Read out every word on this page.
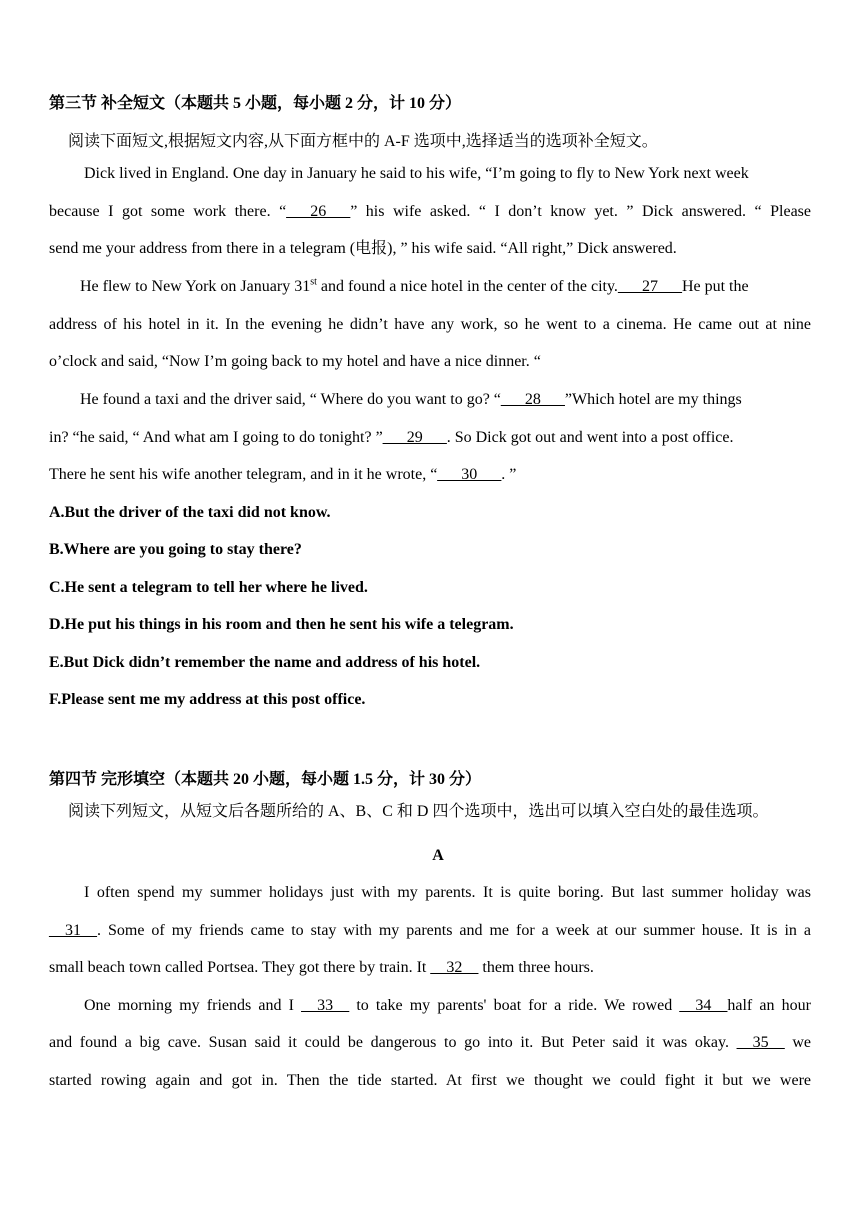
第三节 补全短文（本题共 5 小题，每小题 2 分，计 10 分）
阅读下面短文,根据短文内容,从下面方框中的 A-F 选项中,选择适当的选项补全短文。
Dick lived in England. One day in January he said to his wife, “I’m going to fly to New York next week
because I got some work there. “___26___” his wife asked. “ I don’t know yet. ” Dick answered. “ Please
send me your address from there in a telegram (电报), ” his wife said. “All right,” Dick answered.
He flew to New York on January 31st and found a nice hotel in the center of the city.___27___He put the
address of his hotel in it. In the evening he didn’t have any work, so he went to a cinema. He came out at nine
o’clock and said, “Now I’m going back to my hotel and have a nice dinner. “
He found a taxi and the driver said, “ Where do you want to go? “___28___”Which hotel are my things
in? “he said, “ And what am I going to do tonight? ”___29___. So Dick got out and went into a post office.
There he sent his wife another telegram, and in it he wrote, “___30___. ”
A.But the driver of the taxi did not know.
B.Where are you going to stay there?
C.He sent a telegram to tell her where he lived.
D.He put his things in his room and then he sent his wife a telegram.
E.But Dick didn’t remember the name and address of his hotel.
F.Please sent me my address at this post office.
第四节 完形填空（本题共 20 小题，每小题 1.5 分，计 30 分）
阅读下列短文，从短文后各题所给的 A、B、C 和 D 四个选项中，选出可以填入空白处的最佳选项。
A
I often spend my summer holidays just with my parents. It is quite boring. But last summer holiday was
__31__. Some of my friends came to stay with my parents and me for a week at our summer house. It is in a
small beach town called Portsea. They got there by train. It __32__ them three hours.
One morning my friends and I __33__ to take my parents' boat for a ride. We rowed __34__half an hour
and found a big cave. Susan said it could be dangerous to go into it. But Peter said it was okay. __35__ we
started rowing again and got in. Then the tide started. At first we thought we could fight it but we were
